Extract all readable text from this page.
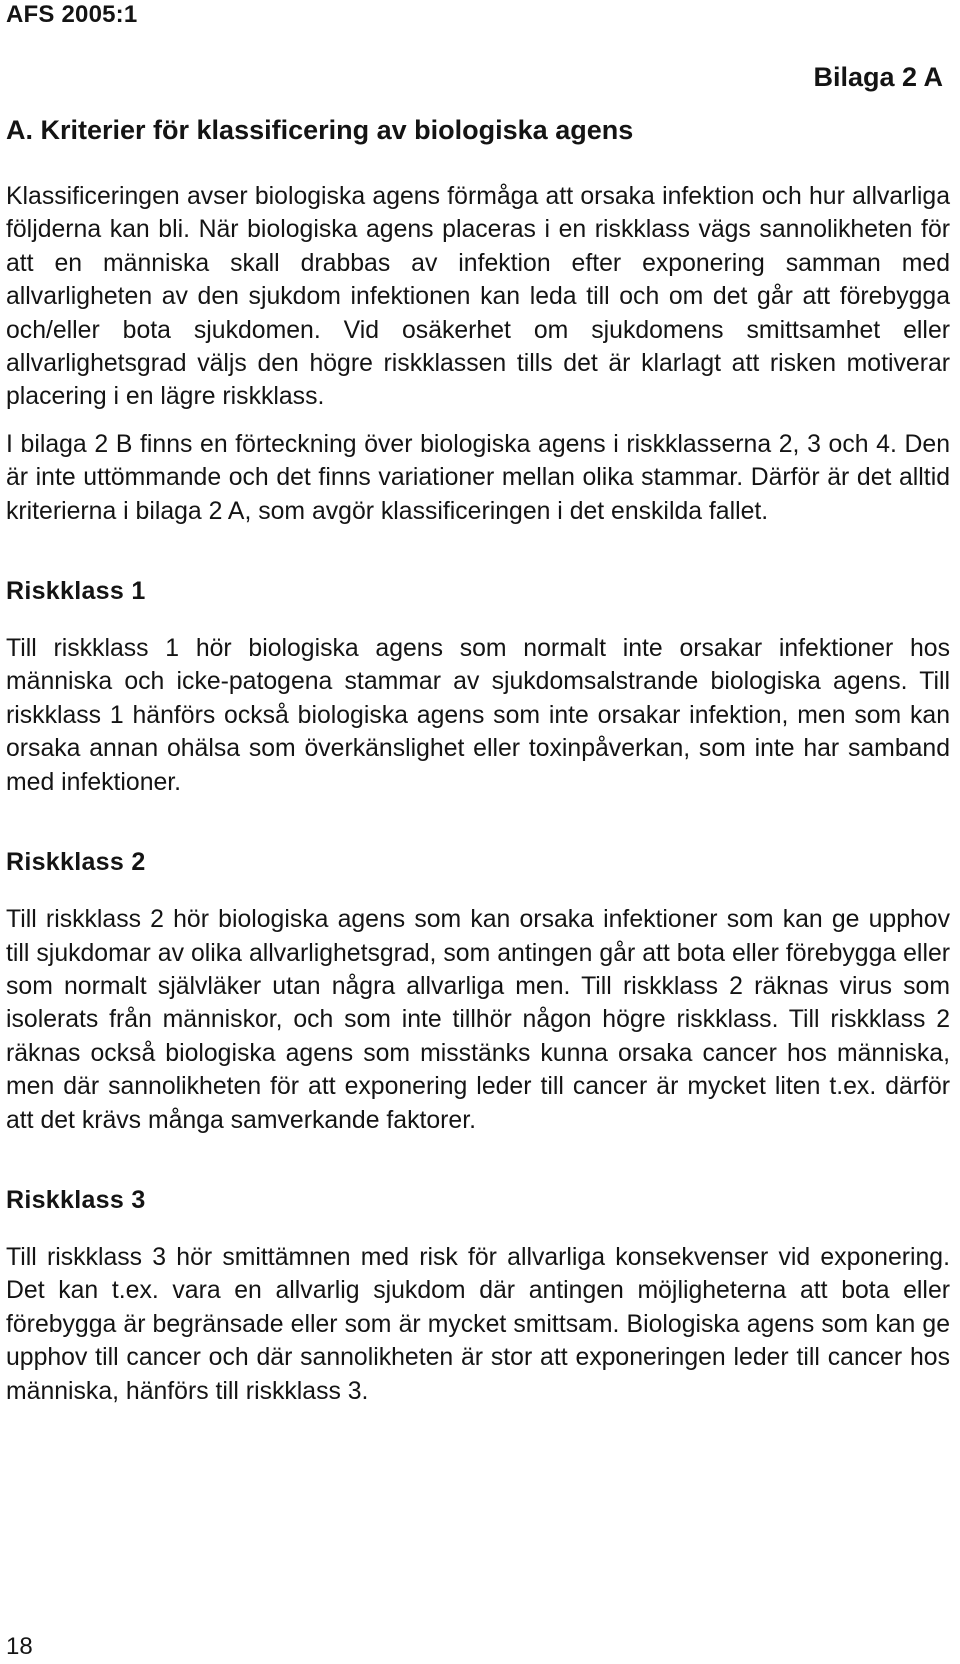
AFS 2005:1
Bilaga 2 A
A. Kriterier för klassificering av biologiska agens

Klassificeringen avser biologiska agens förmåga att orsaka infektion och hur allvarliga följderna kan bli. När biologiska agens placeras i en riskklass vägs sannolikheten för att en människa skall drabbas av infektion efter exponering samman med allvarligheten av den sjukdom infektionen kan leda till och om det går att förebygga och/eller bota sjukdomen. Vid osäkerhet om sjukdomens smittsamhet eller allvarlighetsgrad väljs den högre riskklassen tills det är klarlagt att risken motiverar placering i en lägre riskklass.

I bilaga 2 B finns en förteckning över biologiska agens i riskklasserna 2, 3 och 4. Den är inte uttömmande och det finns variationer mellan olika stammar. Därför är det alltid kriterierna i bilaga 2 A, som avgör klassificeringen i det enskilda fallet.

Riskklass 1

Till riskklass 1 hör biologiska agens som normalt inte orsakar infektioner hos människa och icke-patogena stammar av sjukdomsalstrande biologiska agens. Till riskklass 1 hänförs också biologiska agens som inte orsakar infektion, men som kan orsaka annan ohälsa som överkänslighet eller toxinpåverkan, som inte har samband med infektioner.

Riskklass 2

Till riskklass 2 hör biologiska agens som kan orsaka infektioner som kan ge upphov till sjukdomar av olika allvarlighetsgrad, som antingen går att bota eller förebygga eller som normalt självläker utan några allvarliga men. Till riskklass 2 räknas virus som isolerats från människor, och som inte tillhör någon högre riskklass. Till riskklass 2 räknas också biologiska agens som misstänks kunna orsaka cancer hos människa, men där sannolikheten för att exponering leder till cancer är mycket liten t.ex. därför att det krävs många samverkande faktorer.

Riskklass 3

Till riskklass 3 hör smittämnen med risk för allvarliga konsekvenser vid exponering. Det kan t.ex. vara en allvarlig sjukdom där antingen möjligheterna att bota eller förebygga är begränsade eller som är mycket smittsam. Biologiska agens som kan ge upphov till cancer och där sannolikheten är stor att exponeringen leder till cancer hos människa, hänförs till riskklass 3.

18
